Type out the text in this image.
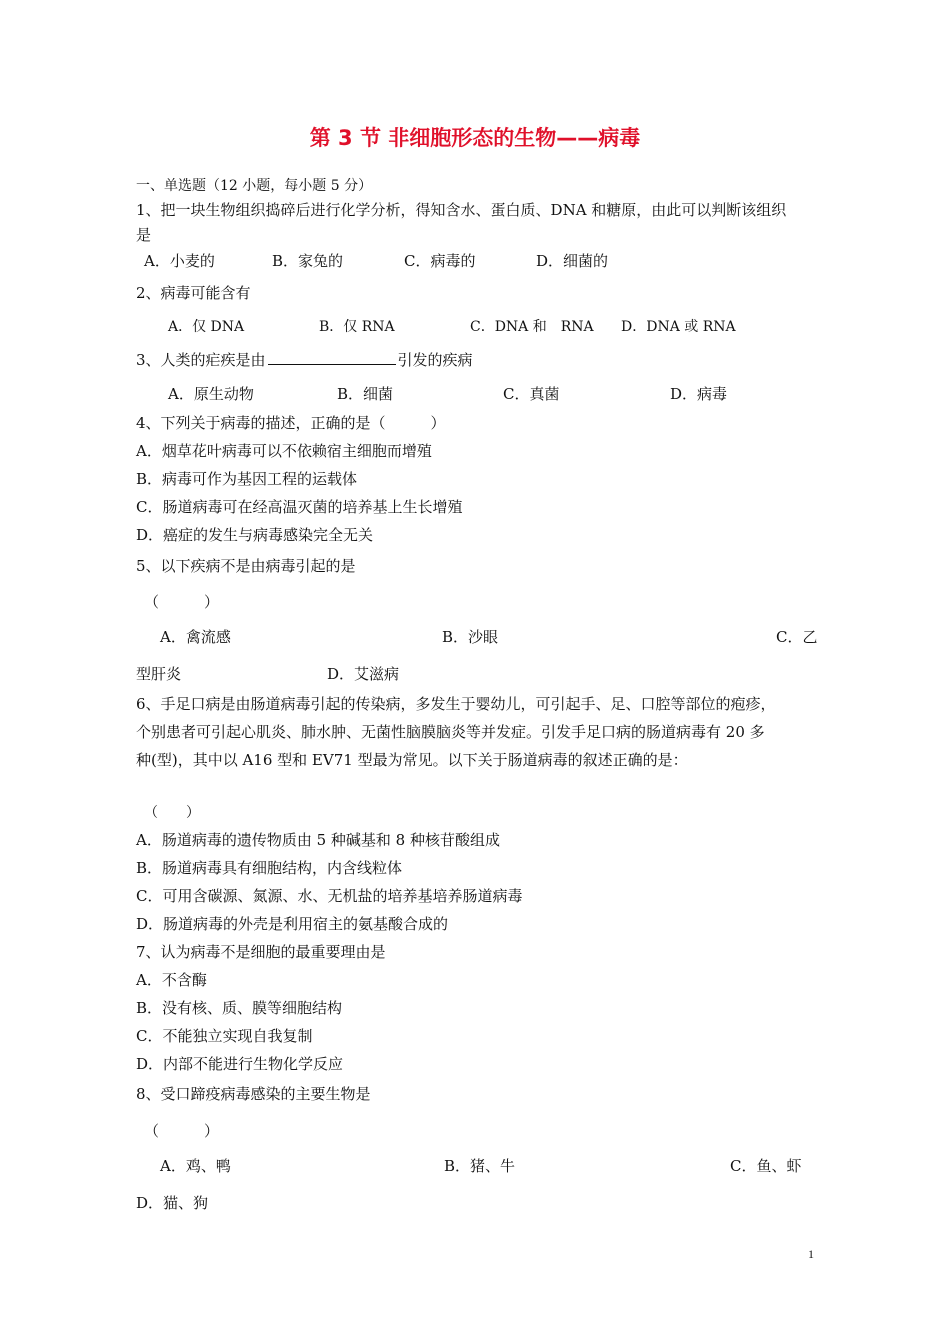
第 3 节 非细胞形态的生物——病毒
一、单选题（12 小题，每小题 5 分）
1、把一块生物组织捣碎后进行化学分析，得知含水、蛋白质、DNA 和糖原，由此可以判断该组织
是
A．小麦的	B．家兔的	C．病毒的	D．细菌的
2、病毒可能含有
A．仅 DNA	B．仅 RNA	C．DNA 和　RNA D．DNA 或 RNA
3、人类的疟疾是由	引发的疾病
A．原生动物	B．细菌	C．真菌	D．病毒
4、下列关于病毒的描述，正确的是（　　　）
A．烟草花叶病毒可以不依赖宿主细胞而增殖
B．病毒可作为基因工程的运载体
C．肠道病毒可在经高温灭菌的培养基上生长增殖
D．癌症的发生与病毒感染完全无关
5、以下疾病不是由病毒引起的是
（　　　）
A．禽流感	B．沙眼	C．乙
型肝炎	D．艾滋病
6、手足口病是由肠道病毒引起的传染病，多发生于婴幼儿，可引起手、足、口腔等部位的疱疹，
个别患者可引起心肌炎、肺水肿、无菌性脑膜脑炎等并发症。引发手足口病的肠道病毒有 20 多
种(型)，其中以 A16 型和 EV71 型最为常见。以下关于肠道病毒的叙述正确的是：
（　　）
A．肠道病毒的遗传物质由 5 种碱基和 8 种核苷酸组成
B．肠道病毒具有细胞结构，内含线粒体
C．可用含碳源、氮源、水、无机盐的培养基培养肠道病毒
D．肠道病毒的外壳是利用宿主的氨基酸合成的
7、认为病毒不是细胞的最重要理由是
A．不含酶
B．没有核、质、膜等细胞结构
C．不能独立实现自我复制
D．内部不能进行生物化学反应
8、受口蹄疫病毒感染的主要生物是
（　　　）
A．鸡、鸭	B．猪、牛	C．鱼、虾
D．猫、狗
1
